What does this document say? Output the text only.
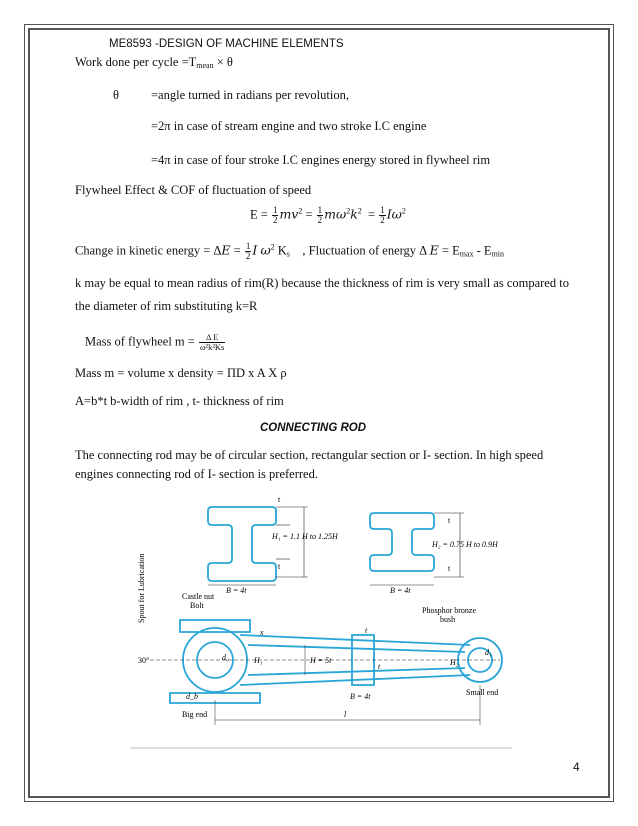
ME8593 -DESIGN OF MACHINE ELEMENTS
Work done per cycle $=T_{mean} \times \theta$
θ	=angle turned in radians per revolution,
=2π in case of stream engine and two stroke I.C engine
=4π in case of four stroke I.C engines energy stored in flywheel rim
Flywheel Effect & COF of fluctuation of speed
$E = \frac{1}{2} mv^2 = \frac{1}{2} m\omega^2k^2 = \frac{1}{2} I\omega^2$
Change in kinetic energy = $\Delta E = \frac{1}{2}$ I $\omega^2$ $K_s$ , Fluctuation of energy Δ $E = E_{max} - E_{min}$
k may be equal to mean radius of rim(R) because the thickness of rim is very small as compared to the diameter of rim substituting k=R
Mass of flywheel $m = \frac{\text{Δ E}}{\text{ω²k²Ks}}$
Mass m = volume x density = ΠD x A X ρ
A=b*t b-width of rim , t- thickness of rim
CONNECTING ROD
The connecting rod may be of circular section, rectangular section or I- section. In high speed engines connecting rod of I- section is preferred.
t
t
H₁ = 1.1 H to 1.25H
B = 4t
t
t
H₂ = 0.75 H to 0.9H
B = 4t
Castle nut
Bolt
Spout for Lubrication
30°	d₀
d_b
x
H₁	H = 5t	H₂
t
t
B = 4t
Phosphor bronze
bush
Small end
Big end	l
d₁
4
